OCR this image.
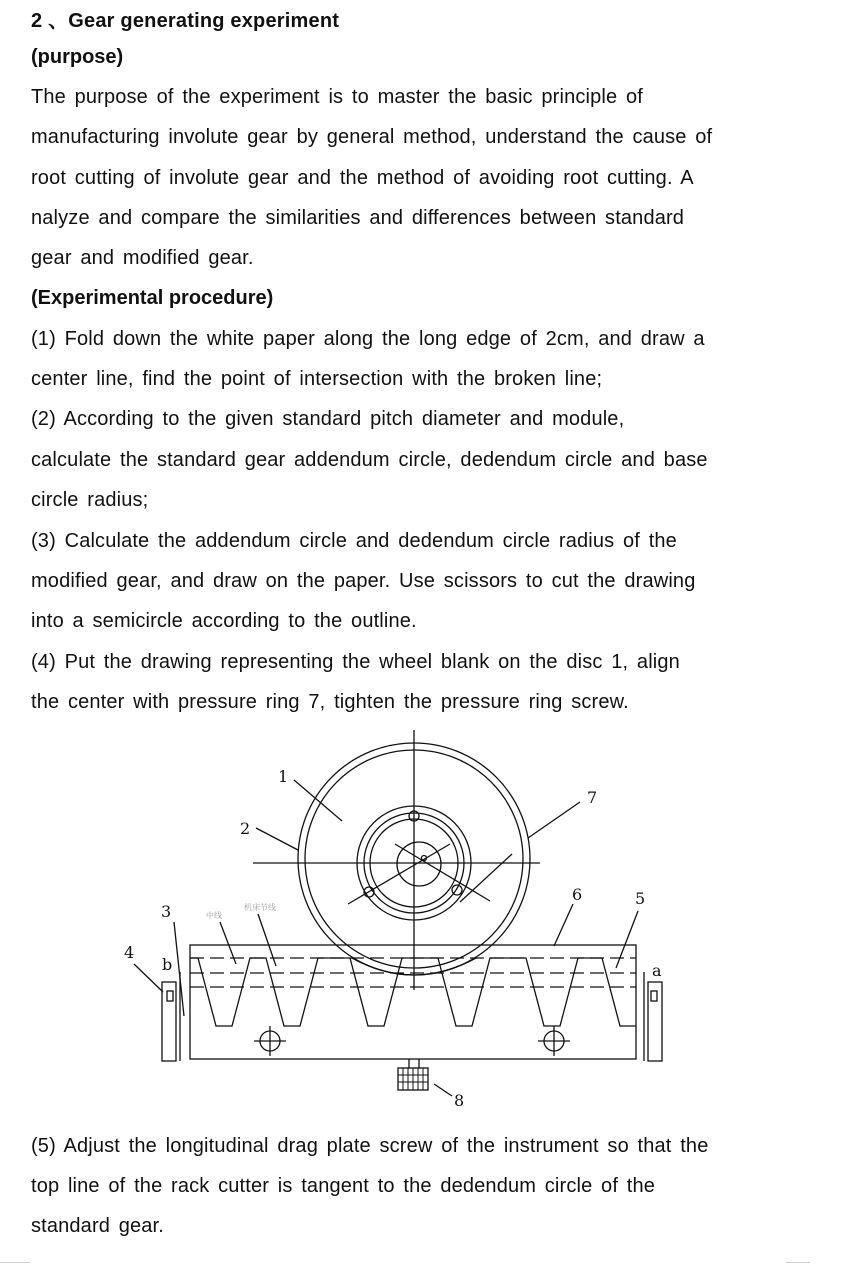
2 、Gear generating experiment
(purpose)
The purpose of the experiment is to master the basic principle of
manufacturing involute gear by general method, understand the cause of
root cutting of involute gear and the method of avoiding root cutting. A
nalyze and compare the similarities and differences between standard
gear and modified gear.
(Experimental procedure)
(1) Fold down the white paper along the long edge of 2cm, and draw a
center line, find the point of intersection with the broken line;
(2) According to the given standard pitch diameter and module,
calculate the standard gear addendum circle, dedendum circle and base
circle radius;
(3) Calculate the addendum circle and dedendum circle radius of the
modified gear, and draw on the paper. Use scissors to cut the drawing
into a semicircle according to the outline.
(4) Put the drawing representing the wheel blank on the disc 1, align
the center with pressure ring 7, tighten the pressure ring screw.
1
2
7
3
4
6	5
8
a
b
中线
机床节线
(5) Adjust the longitudinal drag plate screw of the instrument so that the
top line of the rack cutter is tangent to the dedendum circle of the
standard gear.
